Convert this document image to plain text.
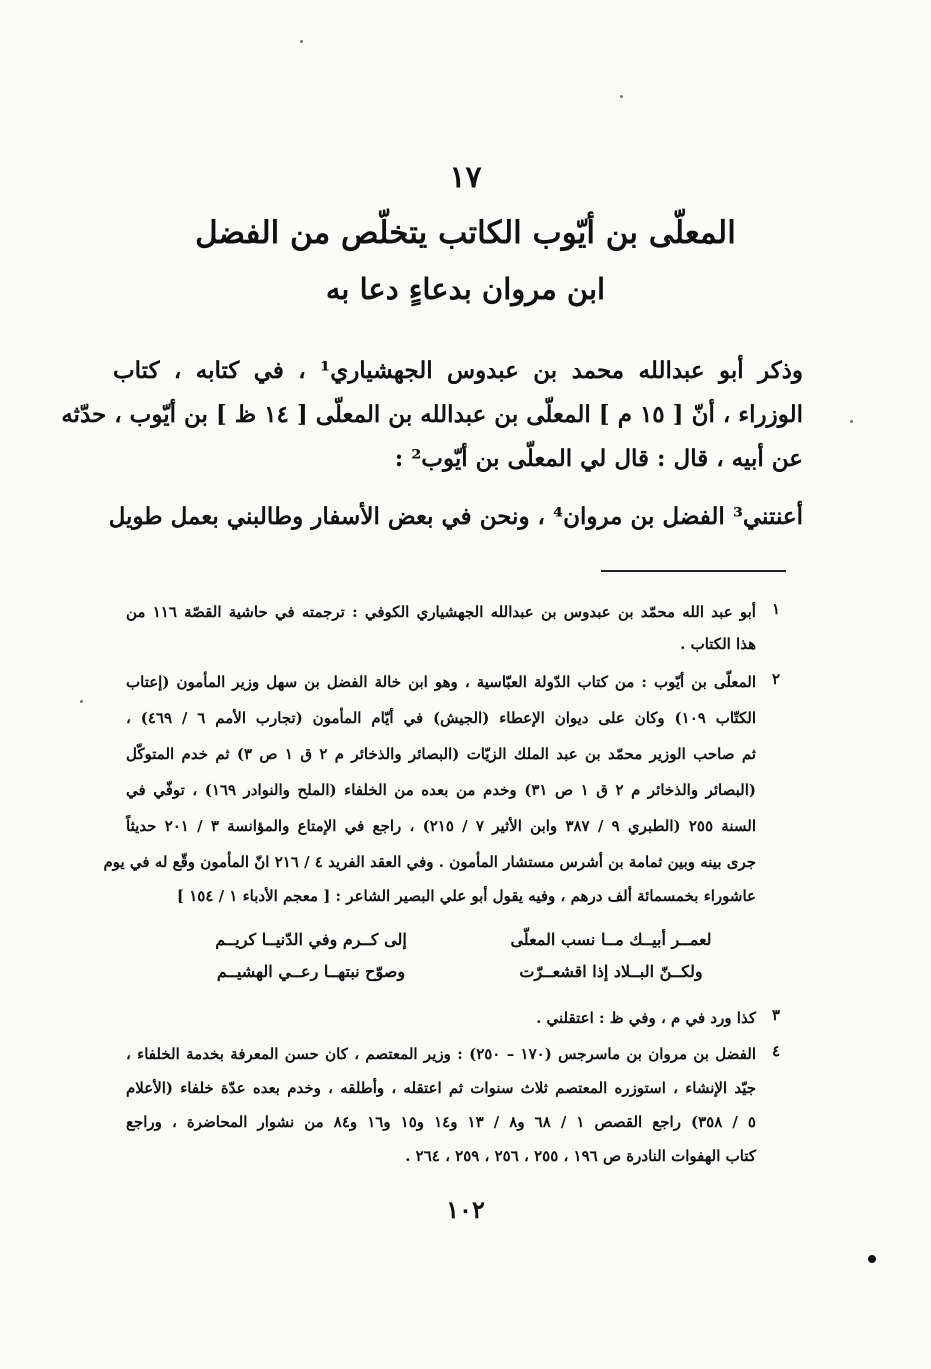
١٧
المعلّى بن أيّوب الكاتب يتخلّص من الفضل
ابن مروان بدعاءٍ دعا به
وذكر أبو عبدالله محمد بن عبدوس الجهشياري¹ ، في كتابه ، كتاب
الوزراء ، أنّ [ ١٥ م ] المعلّى بن عبدالله بن المعلّى [ ١٤ ظ ] بن أيّوب ، حدّثه
عن أبيه ، قال : قال لي المعلّى بن أيّوب² :
أعنتني³ الفضل بن مروان⁴ ، ونحن في بعض الأسفار وطالبني بعمل طويل
١
أبو عبد الله محمّد بن عبدوس بن عبدالله الجهشياري الكوفي : ترجمته في حاشية القصّة ١١٦ من
هذا الكتاب .
٢
المعلّى بن أيّوب : من كتاب الدّولة العبّاسية ، وهو ابن خالة الفضل بن سهل وزير المأمون (إعتاب
الكتّاب ١٠٩) وكان على ديوان الإعطاء (الجيش) في أيّام المأمون (تجارب الأمم ٦ / ٤٦٩) ،
ثم صاحب الوزير محمّد بن عبد الملك الزيّات (البصائر والذخائر م ٢ ق ١ ص ٣) ثم خدم المتوكّل
(البصائر والذخائر م ٢ ق ١ ص ٣١) وخدم من بعده من الخلفاء (الملح والنوادر ١٦٩) ، توفّي في
السنة ٢٥٥ (الطبري ٩ / ٣٨٧ وابن الأثير ٧ / ٢١٥) ، راجع في الإمتاع والمؤانسة ٣ / ٢٠١ حديثاً
جرى بينه وبين ثمامة بن أشرس مستشار المأمون . وفي العقد الفريد ٤ / ٢١٦ انّ المأمون وقّع له في يوم
عاشوراء بخمسمائة ألف درهم ، وفيه يقول أبو علي البصير الشاعر : [ معجم الأدباء ١ / ١٥٤ ]
لعمــر أبيــك مــا نسب المعلّى
إلى كــرم وفي الدّنيــا كريــم
ولكــنّ البــلاد إذا اقشعــرّت
وصوّح نبتهــا رعــي الهشيــم
٣
كذا ورد في م ، وفي ظ : اعتقلني .
٤
الفضل بن مروان بن ماسرجس (١٧٠ – ٢٥٠) : وزير المعتصم ، كان حسن المعرفة بخدمة الخلفاء ،
جيّد الإنشاء ، استوزره المعتصم ثلاث سنوات ثم اعتقله ، وأطلقه ، وخدم بعده عدّة خلفاء (الأعلام
٥ / ٣٥٨) راجع القصص ١ / ٦٨ و٨ / ١٣ و١٤ و١٥ و١٦ و٨٤ من نشوار المحاضرة ، وراجع
كتاب الهفوات النادرة ص ١٩٦ ، ٢٥٥ ، ٢٥٦ ، ٢٥٩ ، ٢٦٤ .
١٠٢
